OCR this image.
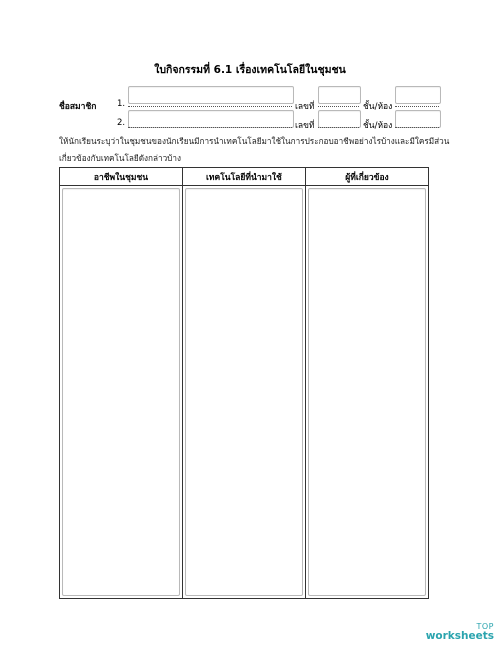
ใบกิจกรรมที่ 6.1 เรื่องเทคโนโลยีในชุมชน
ชื่อสมาชิก 1.	เลขที่	ชั้น/ห้อง
2.	เลขที่	ชั้น/ห้อง
ให้นักเรียนระบุว่าในชุมชนของนักเรียนมีการนำเทคโนโลยีมาใช้ในการประกอบอาชีพอย่างไรบ้างและมีใครมีส่วน
เกี่ยวข้องกับเทคโนโลยีดังกล่าวบ้าง
อาชีพในชุมชน	เทคโนโลยีที่นำมาใช้	ผู้ที่เกี่ยวข้อง

TOP
worksheets
